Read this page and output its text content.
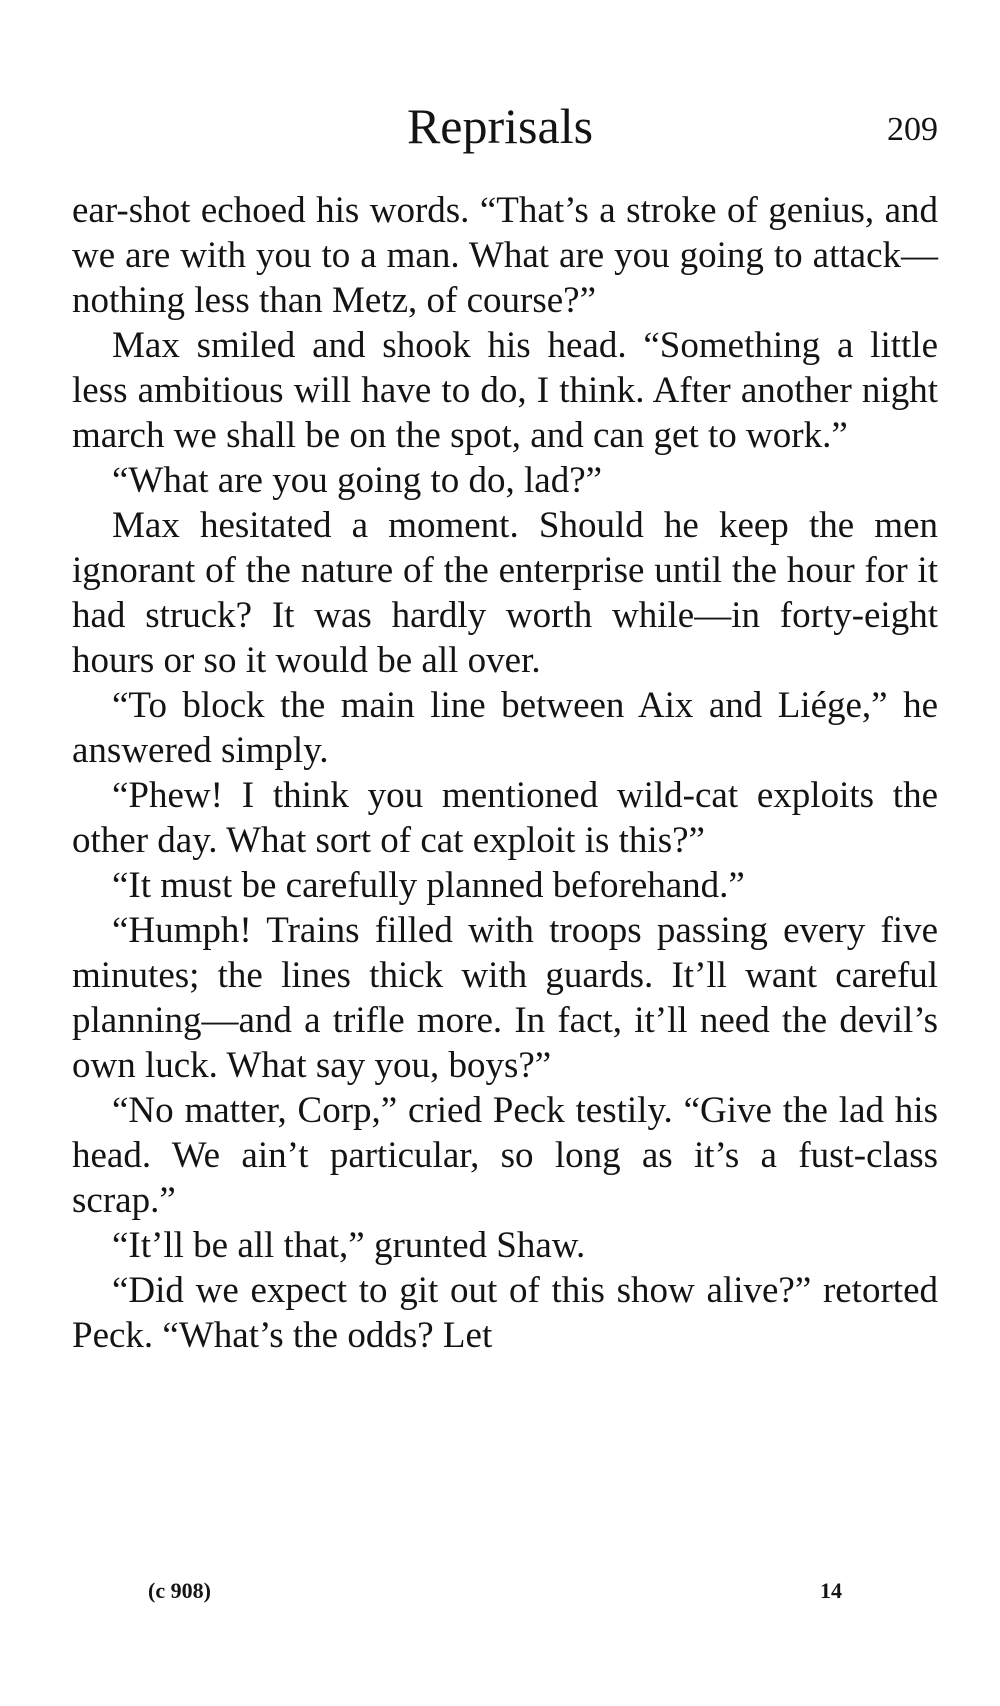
Reprisals	209

ear-shot echoed his words. “That’s a stroke of genius, and we are with you to a man. What are you going to attack—nothing less than Metz, of course?”

Max smiled and shook his head. “Something a little less ambitious will have to do, I think. After another night march we shall be on the spot, and can get to work.”

“What are you going to do, lad?”

Max hesitated a moment. Should he keep the men ignorant of the nature of the enterprise until the hour for it had struck? It was hardly worth while—in forty-eight hours or so it would be all over.

“To block the main line between Aix and Liége,” he answered simply.

“Phew! I think you mentioned wild-cat exploits the other day. What sort of cat exploit is this?”

“It must be carefully planned beforehand.”

“Humph! Trains filled with troops passing every five minutes; the lines thick with guards. It’ll want careful planning—and a trifle more. In fact, it’ll need the devil’s own luck. What say you, boys?”

“No matter, Corp,” cried Peck testily. “Give the lad his head. We ain’t particular, so long as it’s a fust-class scrap.”

“It’ll be all that,” grunted Shaw.

“Did we expect to git out of this show alive?” retorted Peck. “What’s the odds? Let

(c 908)	14
